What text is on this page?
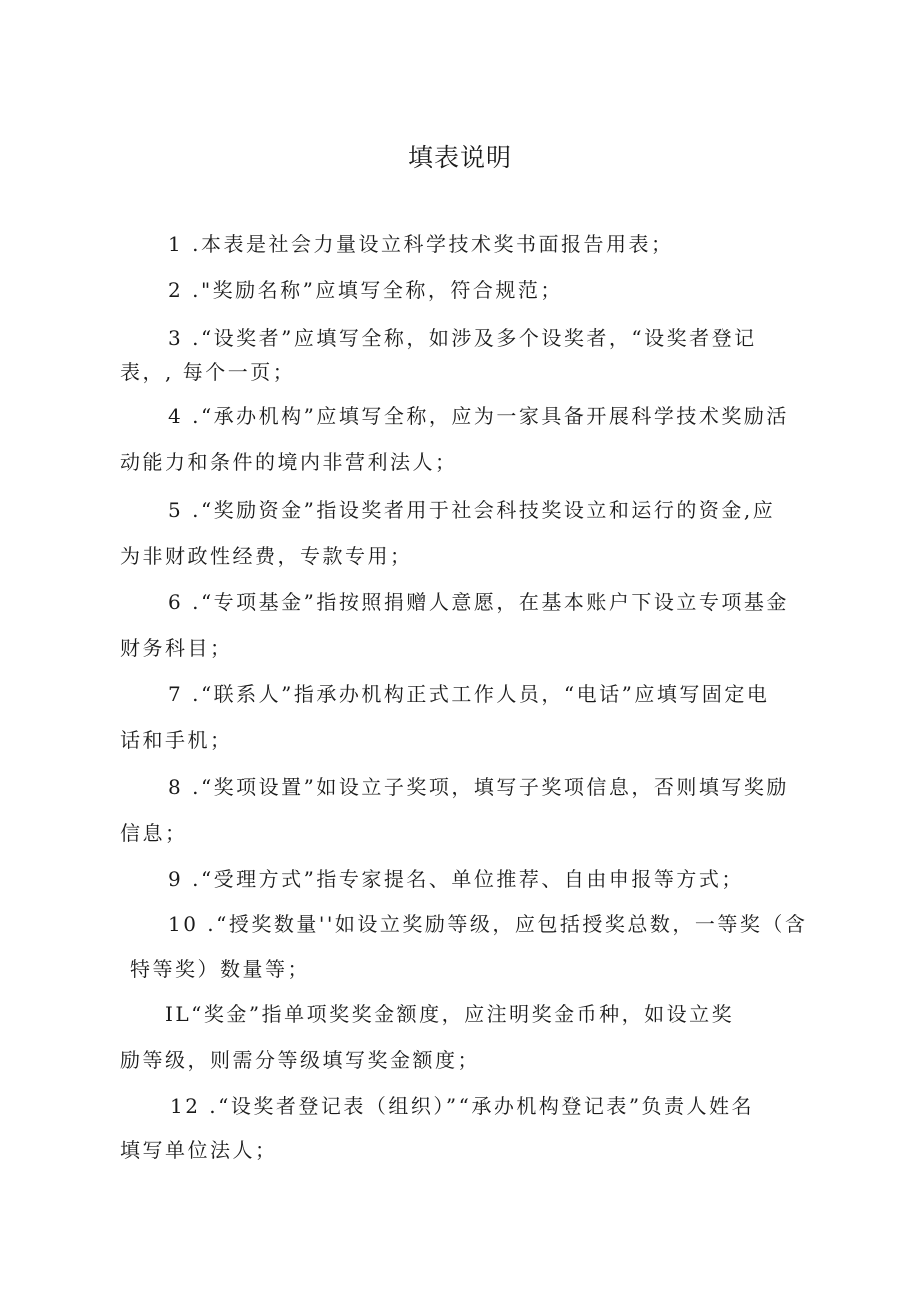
填表说明
1 .本表是社会力量设立科学技术奖书面报告用表；
2 ."奖励名称”应填写全称，符合规范；
3 .“设奖者”应填写全称，如涉及多个设奖者，“设奖者登记
表，, 每个一页；
4 .“承办机构”应填写全称，应为一家具备开展科学技术奖励活
动能力和条件的境内非营利法人；
5 .“奖励资金”指设奖者用于社会科技奖设立和运行的资金,应
为非财政性经费，专款专用；
6 .“专项基金”指按照捐赠人意愿，在基本账户下设立专项基金
财务科目；
7 .“联系人”指承办机构正式工作人员，“电话”应填写固定电
话和手机；
8 .“奖项设置”如设立子奖项，填写子奖项信息，否则填写奖励
信息；
9 .“受理方式”指专家提名、单位推荐、自由申报等方式；
10 .“授奖数量''如设立奖励等级，应包括授奖总数，一等奖（含
特等奖）数量等；
IL“奖金”指单项奖奖金额度，应注明奖金币种，如设立奖
励等级，则需分等级填写奖金额度；
12 .“设奖者登记表（组织）”“承办机构登记表”负责人姓名
填写单位法人；
